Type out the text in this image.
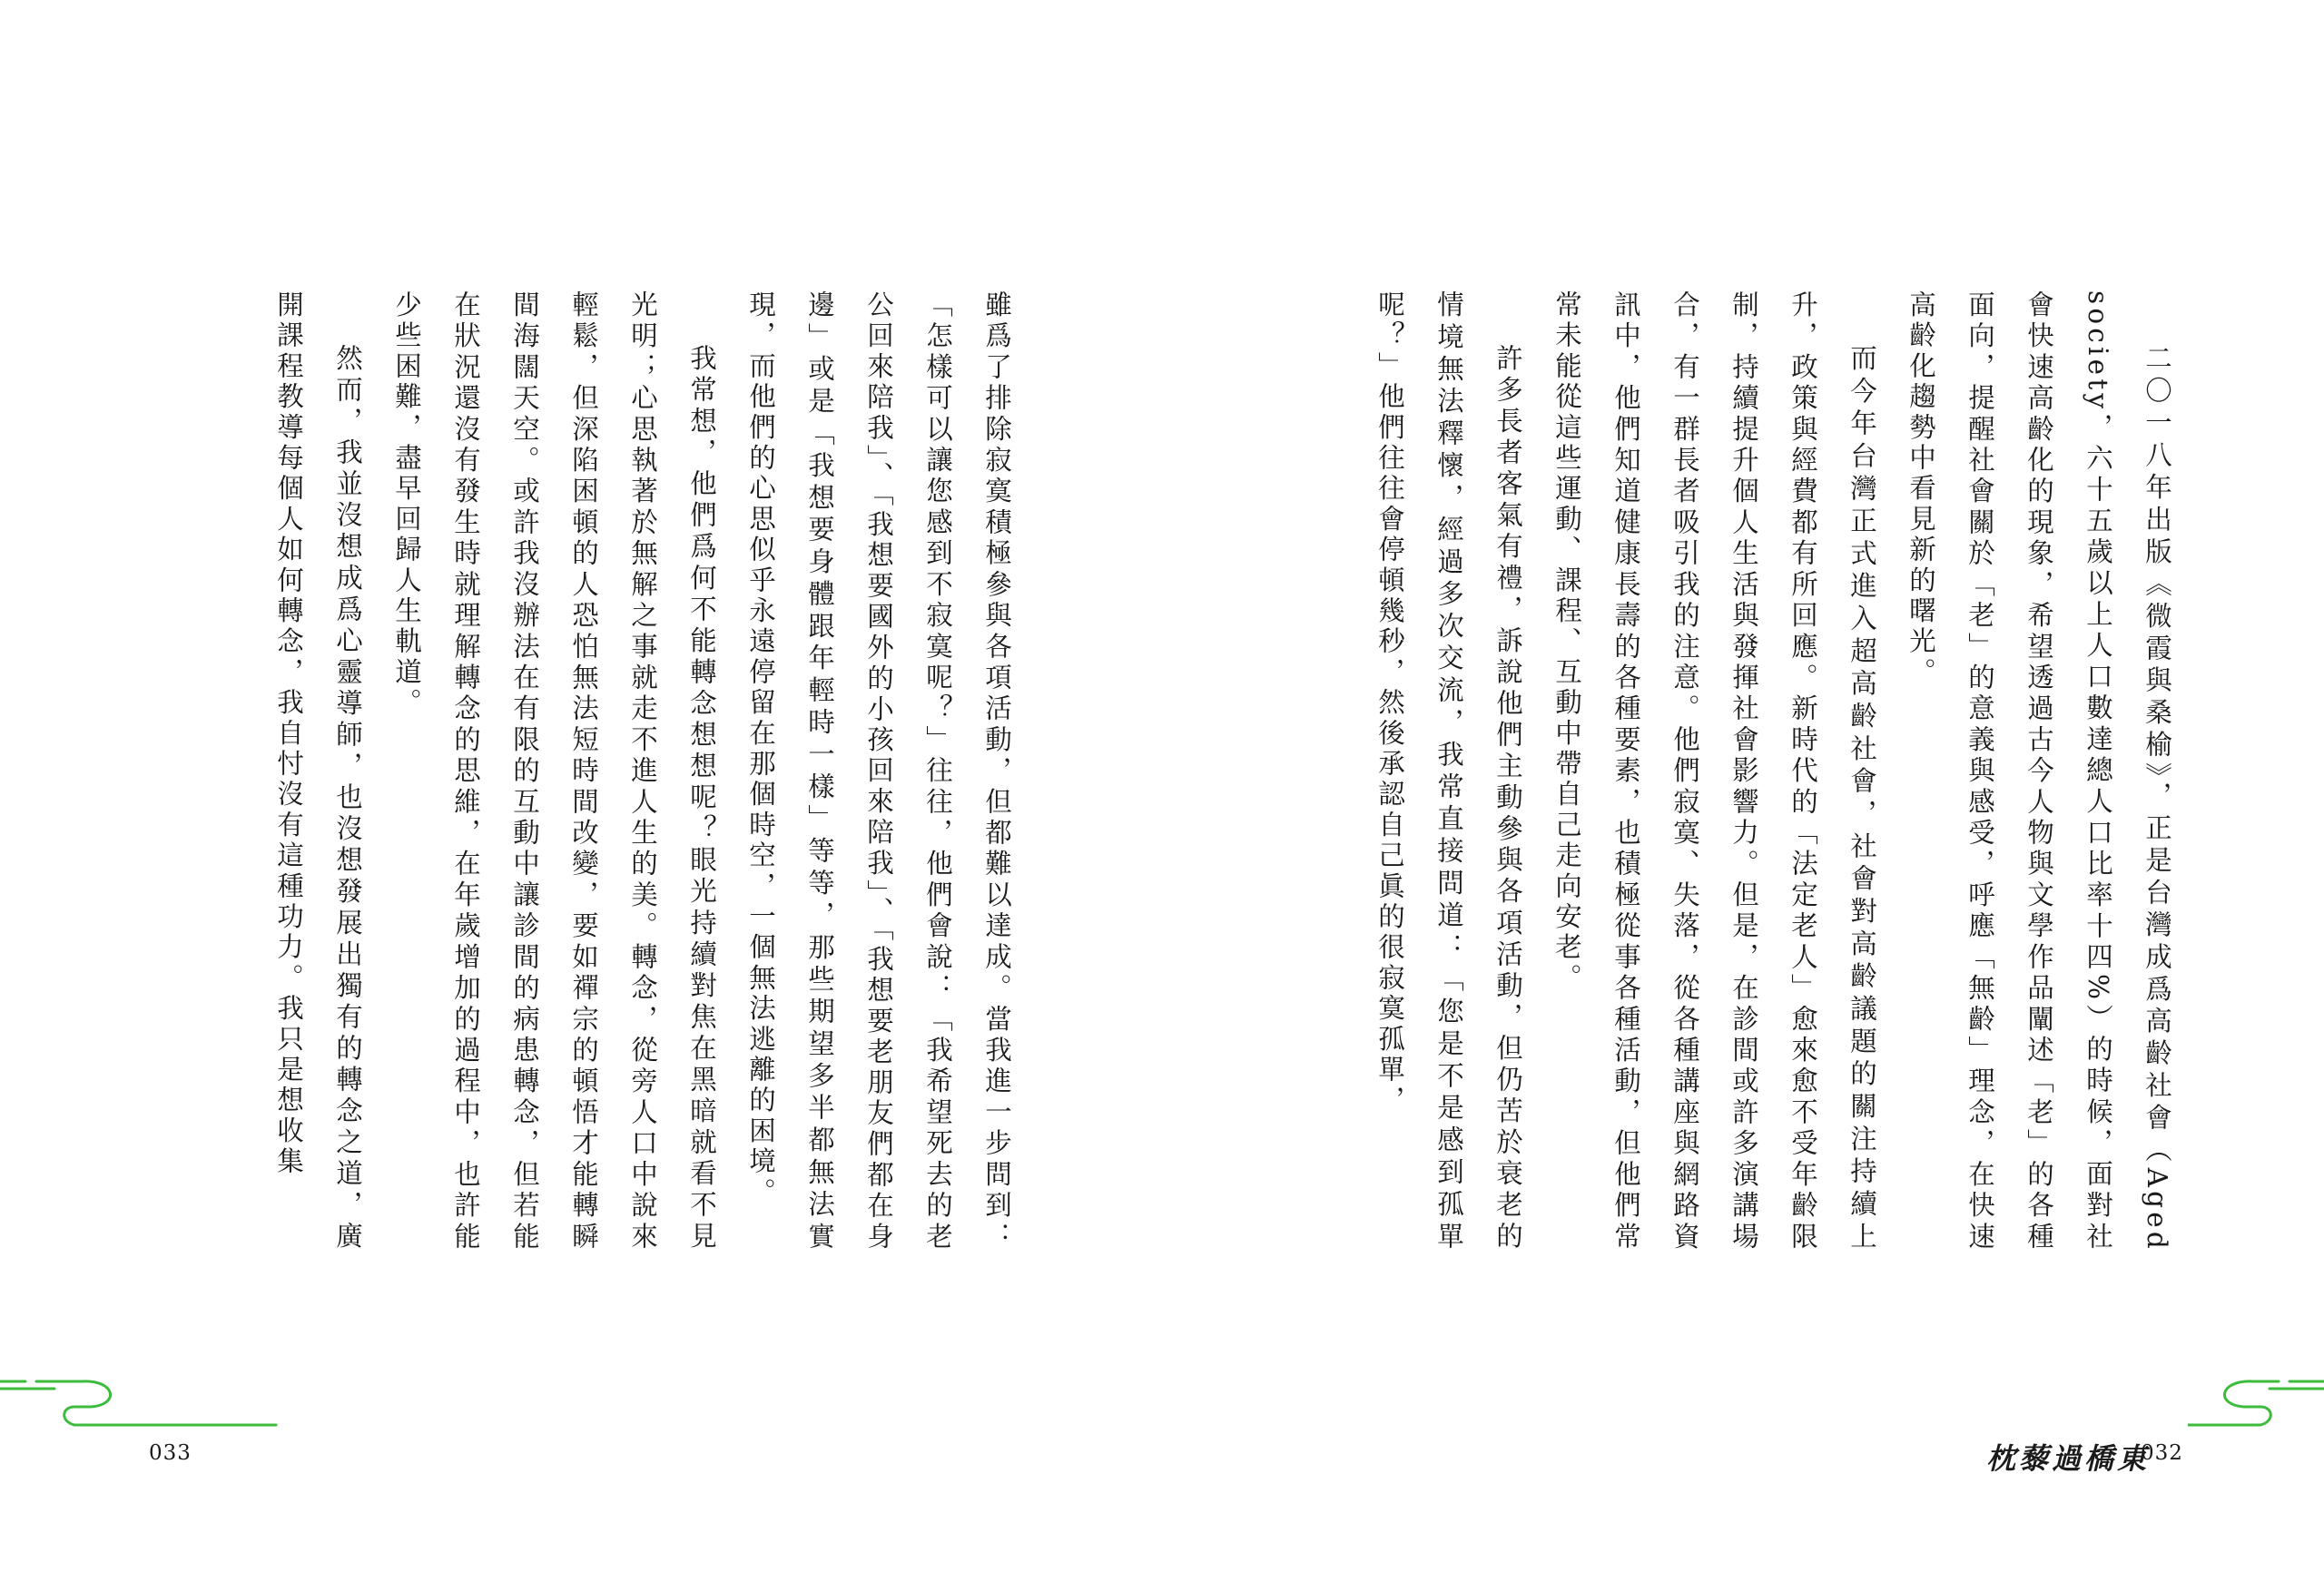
雖爲了排除寂寞積極參與各項活動，但都難以達成。當我進一步問到：「怎樣可以讓您感到不寂寞呢？」往往，他們會說：「我希望死去的老公回來陪我」、「我想要國外的小孩回來陪我」、「我想要老朋友們都在身邊」或是「我想要身體跟年輕時一樣」等等，那些期望多半都無法實現，而他們的心思似乎永遠停留在那個時空，一個無法逃離的困境。

我常想，他們爲何不能轉念想想呢？眼光持續對焦在黑暗就看不見光明；心思執著於無解之事就走不進人生的美。轉念，從旁人口中說來輕鬆，但深陷困頓的人恐怕無法短時間改變，要如禪宗的頓悟才能轉瞬間海闊天空。或許我沒辦法在有限的互動中讓診間的病患轉念，但若能在狀況還沒有發生時就理解轉念的思維，在年歲增加的過程中，也許能少些困難，盡早回歸人生軌道。

然而，我並沒想成爲心靈導師，也沒想發展出獨有的轉念之道，廣開課程教導每個人如何轉念，我自忖沒有這種功力。我只是想收集

033

二〇一八年出版《微霞與桑榆》，正是台灣成爲高齡社會（Aged society，六十五歲以上人口數達總人口比率十四%）的時候，面對社會快速高齡化的現象，希望透過古今人物與文學作品闡述「老」的各種面向，提醒社會關於「老」的意義與感受，呼應「無齡」理念，在快速高齡化趨勢中看見新的曙光。

而今年台灣正式進入超高齡社會，社會對高齡議題的關注持續上升，政策與經費都有所回應。新時代的「法定老人」愈來愈不受年齡限制，持續提升個人生活與發揮社會影響力。但是，在診間或許多演講場合，有一群長者吸引我的注意。他們寂寞、失落，從各種講座與網路資訊中，他們知道健康長壽的各種要素，也積極從事各種活動，但他們常常未能從這些運動、課程、互動中帶自己走向安老。

許多長者客氣有禮，訴說他們主動參與各項活動，但仍苦於衰老的情境無法釋懷，經過多次交流，我常直接問道：「您是不是感到孤單呢？」他們往往會停頓幾秒，然後承認自己眞的很寂寞孤單，

枕藜過橋東
032
